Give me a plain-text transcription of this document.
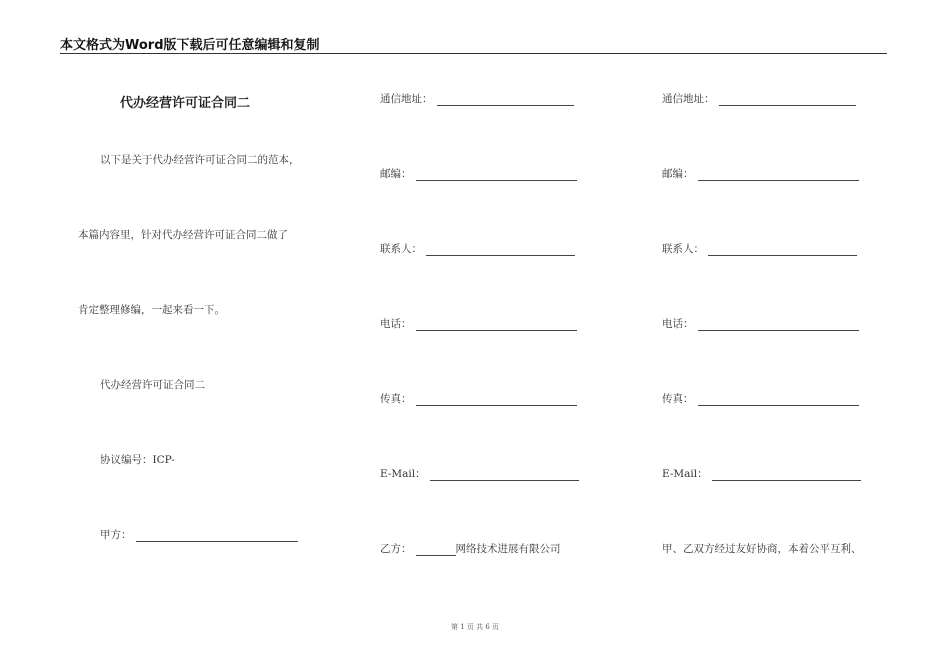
本文格式为Word版下载后可任意编辑和复制
代办经营许可证合同二
以下是关于代办经营许可证合同二的范本，
本篇内容里，针对代办经营许可证合同二做了
肯定整理修编，一起来看一下。
代办经营许可证合同二
协议编号：ICP-
甲方：
通信地址：
邮编：
联系人：
电话：
传真：
E-Mail：
乙方：	网络技术进展有限公司
通信地址：
邮编：
联系人：
电话：
传真：
E-Mail：
甲、乙双方经过友好协商，本着公平互利、
第 1 页 共 6 页
